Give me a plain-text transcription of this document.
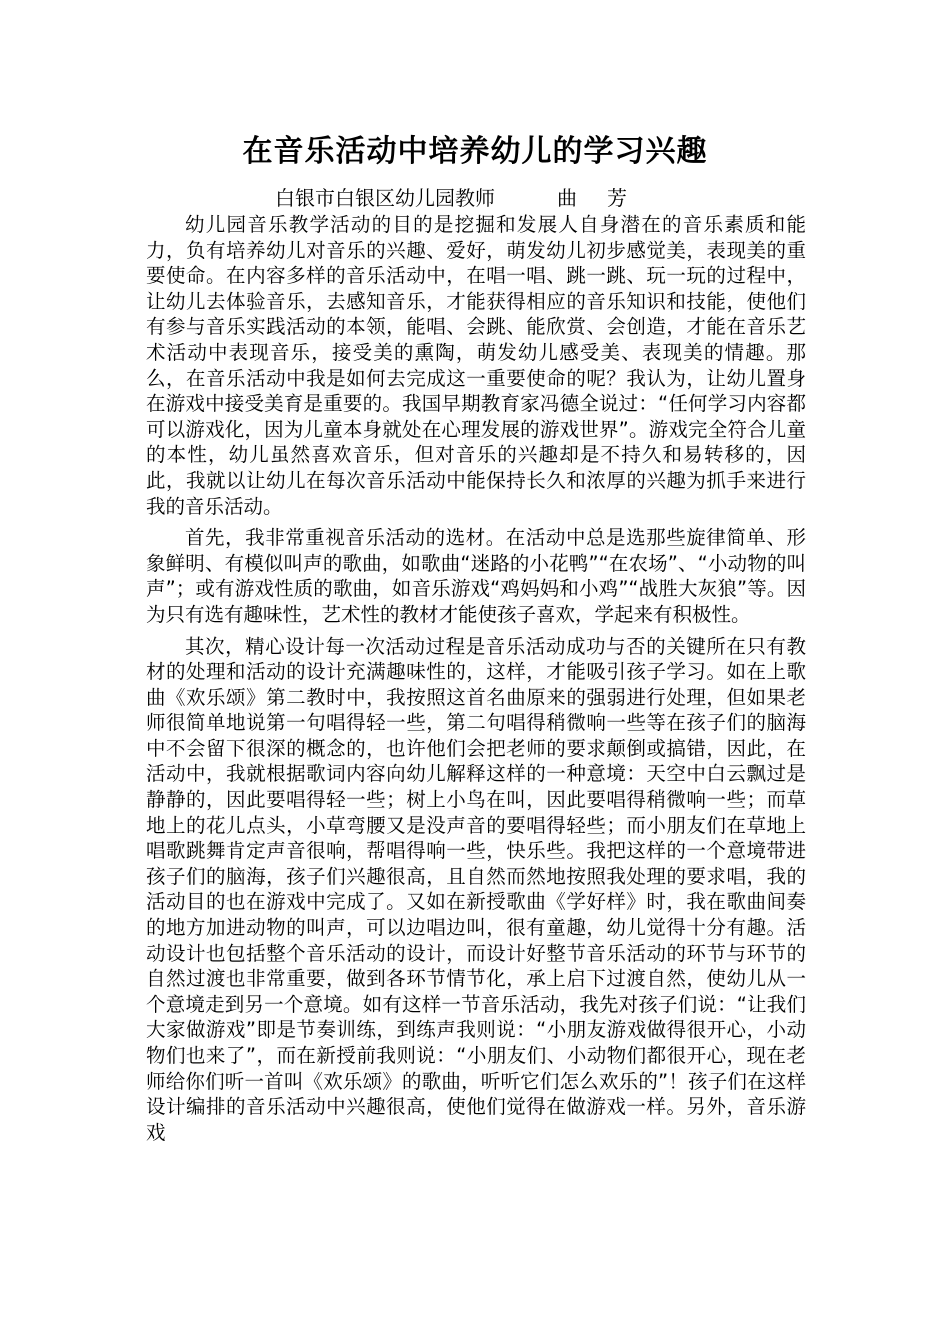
在音乐活动中培养幼儿的学习兴趣
白银市白银区幼儿园教师	曲芳

幼儿园音乐教学活动的目的是挖掘和发展人自身潜在的音乐素质和能力，负有培养幼儿对音乐的兴趣、爱好，萌发幼儿初步感觉美，表现美的重要使命。在内容多样的音乐活动中，在唱一唱、跳一跳、玩一玩的过程中，让幼儿去体验音乐，去感知音乐，才能获得相应的音乐知识和技能，使他们有参与音乐实践活动的本领，能唱、会跳、能欣赏、会创造，才能在音乐艺术活动中表现音乐，接受美的熏陶，萌发幼儿感受美、表现美的情趣。那么，在音乐活动中我是如何去完成这一重要使命的呢？我认为，让幼儿置身在游戏中接受美育是重要的。我国早期教育家冯德全说过：“任何学习内容都可以游戏化，因为儿童本身就处在心理发展的游戏世界”。游戏完全符合儿童的本性，幼儿虽然喜欢音乐，但对音乐的兴趣却是不持久和易转移的，因此，我就以让幼儿在每次音乐活动中能保持长久和浓厚的兴趣为抓手来进行我的音乐活动。

首先，我非常重视音乐活动的选材。在活动中总是选那些旋律简单、形象鲜明、有模似叫声的歌曲，如歌曲“迷路的小花鸭”“在农场”、“小动物的叫声”；或有游戏性质的歌曲，如音乐游戏“鸡妈妈和小鸡”“战胜大灰狼”等。因为只有选有趣味性，艺术性的教材才能使孩子喜欢，学起来有积极性。

其次，精心设计每一次活动过程是音乐活动成功与否的关键所在只有教材的处理和活动的设计充满趣味性的，这样，才能吸引孩子学习。如在上歌曲《欢乐颂》第二教时中，我按照这首名曲原来的强弱进行处理，但如果老师很简单地说第一句唱得轻一些，第二句唱得稍微响一些等在孩子们的脑海中不会留下很深的概念的，也许他们会把老师的要求颠倒或搞错，因此，在活动中，我就根据歌词内容向幼儿解释这样的一种意境：天空中白云飘过是静静的，因此要唱得轻一些；树上小鸟在叫，因此要唱得稍微响一些；而草地上的花儿点头，小草弯腰又是没声音的要唱得轻些；而小朋友们在草地上唱歌跳舞肯定声音很响，帮唱得响一些，快乐些。我把这样的一个意境带进孩子们的脑海，孩子们兴趣很高，且自然而然地按照我处理的要求唱，我的活动目的也在游戏中完成了。又如在新授歌曲《学好样》时，我在歌曲间奏的地方加进动物的叫声，可以边唱边叫，很有童趣，幼儿觉得十分有趣。活动设计也包括整个音乐活动的设计，而设计好整节音乐活动的环节与环节的自然过渡也非常重要，做到各环节情节化，承上启下过渡自然，使幼儿从一个意境走到另一个意境。如有这样一节音乐活动，我先对孩子们说：“让我们大家做游戏”即是节奏训练，到练声我则说：“小朋友游戏做得很开心，小动物们也来了”，而在新授前我则说：“小朋友们、小动物们都很开心，现在老师给你们听一首叫《欢乐颂》的歌曲，听听它们怎么欢乐的”！孩子们在这样设计编排的音乐活动中兴趣很高，使他们觉得在做游戏一样。另外，音乐游戏
